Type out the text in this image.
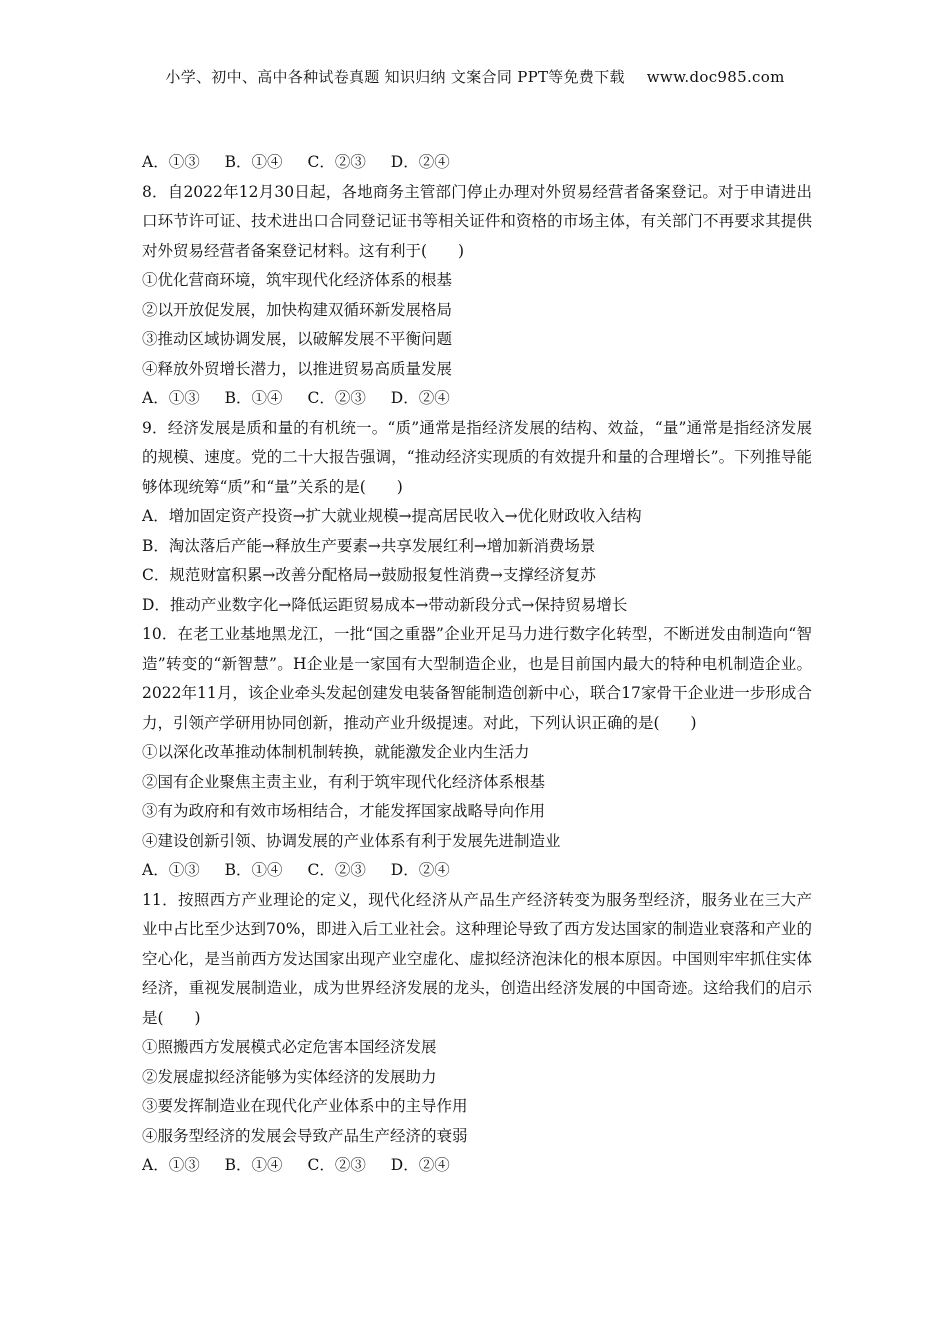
小学、初中、高中各种试卷真题 知识归纳 文案合同 PPT等免费下载 www.doc985.com
A．①③ B．①④ C．②③ D．②④
8．自2022年12月30日起，各地商务主管部门停止办理对外贸易经营者备案登记。对于申请进出口环节许可证、技术进出口合同登记证书等相关证件和资格的市场主体，有关部门不再要求其提供对外贸易经营者备案登记材料。这有利于(　　)
①优化营商环境，筑牢现代化经济体系的根基
②以开放促发展，加快构建双循环新发展格局
③推动区域协调发展，以破解发展不平衡问题
④释放外贸增长潜力，以推进贸易高质量发展
A．①③ B．①④ C．②③ D．②④
9．经济发展是质和量的有机统一。“质”通常是指经济发展的结构、效益，“量”通常是指经济发展的规模、速度。党的二十大报告强调，“推动经济实现质的有效提升和量的合理增长”。下列推导能够体现统筹“质”和“量”关系的是(　　)
A．增加固定资产投资→扩大就业规模→提高居民收入→优化财政收入结构
B．淘汰落后产能→释放生产要素→共享发展红利→增加新消费场景
C．规范财富积累→改善分配格局→鼓励报复性消费→支撑经济复苏
D．推动产业数字化→降低运距贸易成本→带动新段分式→保持贸易增长
10．在老工业基地黑龙江，一批“国之重器”企业开足马力进行数字化转型，不断迸发由制造向“智造”转变的“新智慧”。H企业是一家国有大型制造企业，也是目前国内最大的特种电机制造企业。2022年11月，该企业牵头发起创建发电装备智能制造创新中心，联合17家骨干企业进一步形成合力，引领产学研用协同创新，推动产业升级提速。对此，下列认识正确的是(　　)
①以深化改革推动体制机制转换，就能激发企业内生活力
②国有企业聚焦主责主业，有利于筑牢现代化经济体系根基
③有为政府和有效市场相结合，才能发挥国家战略导向作用
④建设创新引领、协调发展的产业体系有利于发展先进制造业
A．①③ B．①④ C．②③ D．②④
11．按照西方产业理论的定义，现代化经济从产品生产经济转变为服务型经济，服务业在三大产业中占比至少达到70%，即进入后工业社会。这种理论导致了西方发达国家的制造业衰落和产业的空心化，是当前西方发达国家出现产业空虚化、虚拟经济泡沫化的根本原因。中国则牢牢抓住实体经济，重视发展制造业，成为世界经济发展的龙头，创造出经济发展的中国奇迹。这给我们的启示是(　　)
①照搬西方发展模式必定危害本国经济发展
②发展虚拟经济能够为实体经济的发展助力
③要发挥制造业在现代化产业体系中的主导作用
④服务型经济的发展会导致产品生产经济的衰弱
A．①③ B．①④ C．②③ D．②④
